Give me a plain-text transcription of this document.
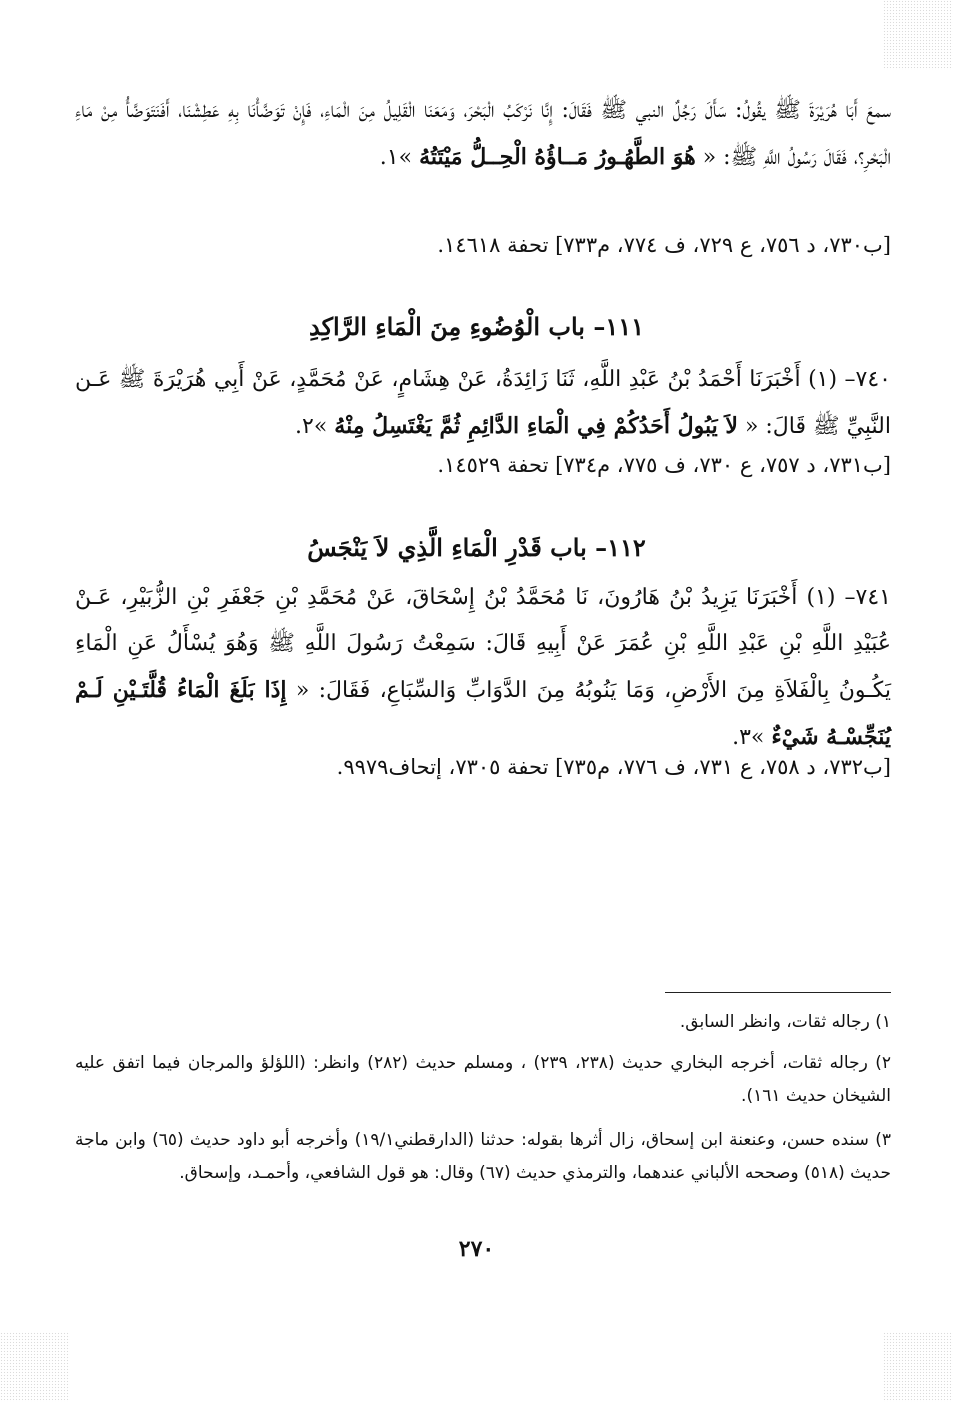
سمعَ أَبَا هُرَيْرَةَ ﷺ يقُولُ: سَأَلَ رَجُلٌ النبي ﷺ فَقَالَ: إِنَّا نَرْكَبُ الْبَحْرَ، وَمَعَنَا الْقَلِيلُ مِنَ الْمَاءِ، فَإِنْ تَوَضَّأْنَا بِهِ عَطِشْنَا، أَفَنَتَوَضَّأُ مِنْ مَاءِ الْبَحْرِ؟، فَقَالَ رَسُولُ اللَّهِ ﷺ: « هُوَ الطَّهُـورُ مَــاؤُهُ الْحِــلُّ مَيْتَتُهُ »١.
[ب٧٣٠، د ٧٥٦، ع ٧٢٩، ف ٧٧٤، م٧٣٣] تحفة ١٤٦١٨.
١١١– باب الْوُضُوءِ مِنَ الْمَاءِ الرَّاكِدِ
٧٤٠– (١) أَخْبَرَنَا أَحْمَدُ بْنُ عَبْدِ اللَّهِ، ثَنَا زَائِدَةُ، عَنْ هِشَامٍ، عَنْ مُحَمَّدٍ، عَنْ أَبِي هُرَيْرَةَ ﷺ عَـن النَّبِيِّ ﷺ قَالَ: « لاَ يَبُولُ أَحَدُكُمْ فِي الْمَاءِ الدَّائِمِ ثُمَّ يَغْتَسِلُ مِنْهُ »٢.
[ب٧٣١، د ٧٥٧، ع ٧٣٠، ف ٧٧٥، م٧٣٤] تحفة ١٤٥٢٩.
١١٢– باب قَدْرِ الْمَاءِ الَّذِي لاَ يَنْجَسُ
٧٤١– (١) أَخْبَرَنَا يَزِيدُ بْنُ هَارُونَ، نَا مُحَمَّدُ بْنُ إِسْحَاقَ، عَنْ مُحَمَّدِ بْنِ جَعْفَرِ بْنِ الزُّبَيْرِ، عَـنْ عُبَيْدِ اللَّهِ بْنِ عَبْدِ اللَّهِ بْنِ عُمَرَ عَنْ أَبِيهِ قَالَ: سَمِعْتُ رَسُولَ اللَّهِ ﷺ وَهُوَ يُسْأَلُ عَنِ الْمَاءِ يَكُـونُ بِالْفَلاَةِ مِنَ الأَرْضِ، وَمَا يَنُوبُهُ مِنَ الدَّوَابِّ وَالسِّبَاعِ، فَقَالَ: « إِذَا بَلَغَ الْمَاءُ قُلَّتَـيْنِ لَـمْ يُنَجِّسْـهُ شَيْءٌ »٣.
[ب٧٣٢، د ٧٥٨، ع ٧٣١، ف ٧٧٦، م٧٣٥] تحفة ٧٣٠٥، إتحاف٩٩٧٩.
١) رجاله ثقات، وانظر السابق.
٢) رجاله ثقات، أخرجه البخاري حديث (٢٣٨، ٢٣٩) ، ومسلم حديث (٢٨٢) وانظر: (اللؤلؤ والمرجان فيما اتفق عليه الشيخان حديث ١٦١).
٣) سنده حسن، وعنعنة ابن إسحاق، زال أثرها بقوله: حدثنا (الدارقطني١٩/١) وأخرجه أبو داود حديث (٦٥) وابن ماجة حديث (٥١٨) وصححه الألباني عندهما، والترمذي حديث (٦٧) وقال: هو قول الشافعي، وأحمـد، وإسحاق.
٢٧٠
